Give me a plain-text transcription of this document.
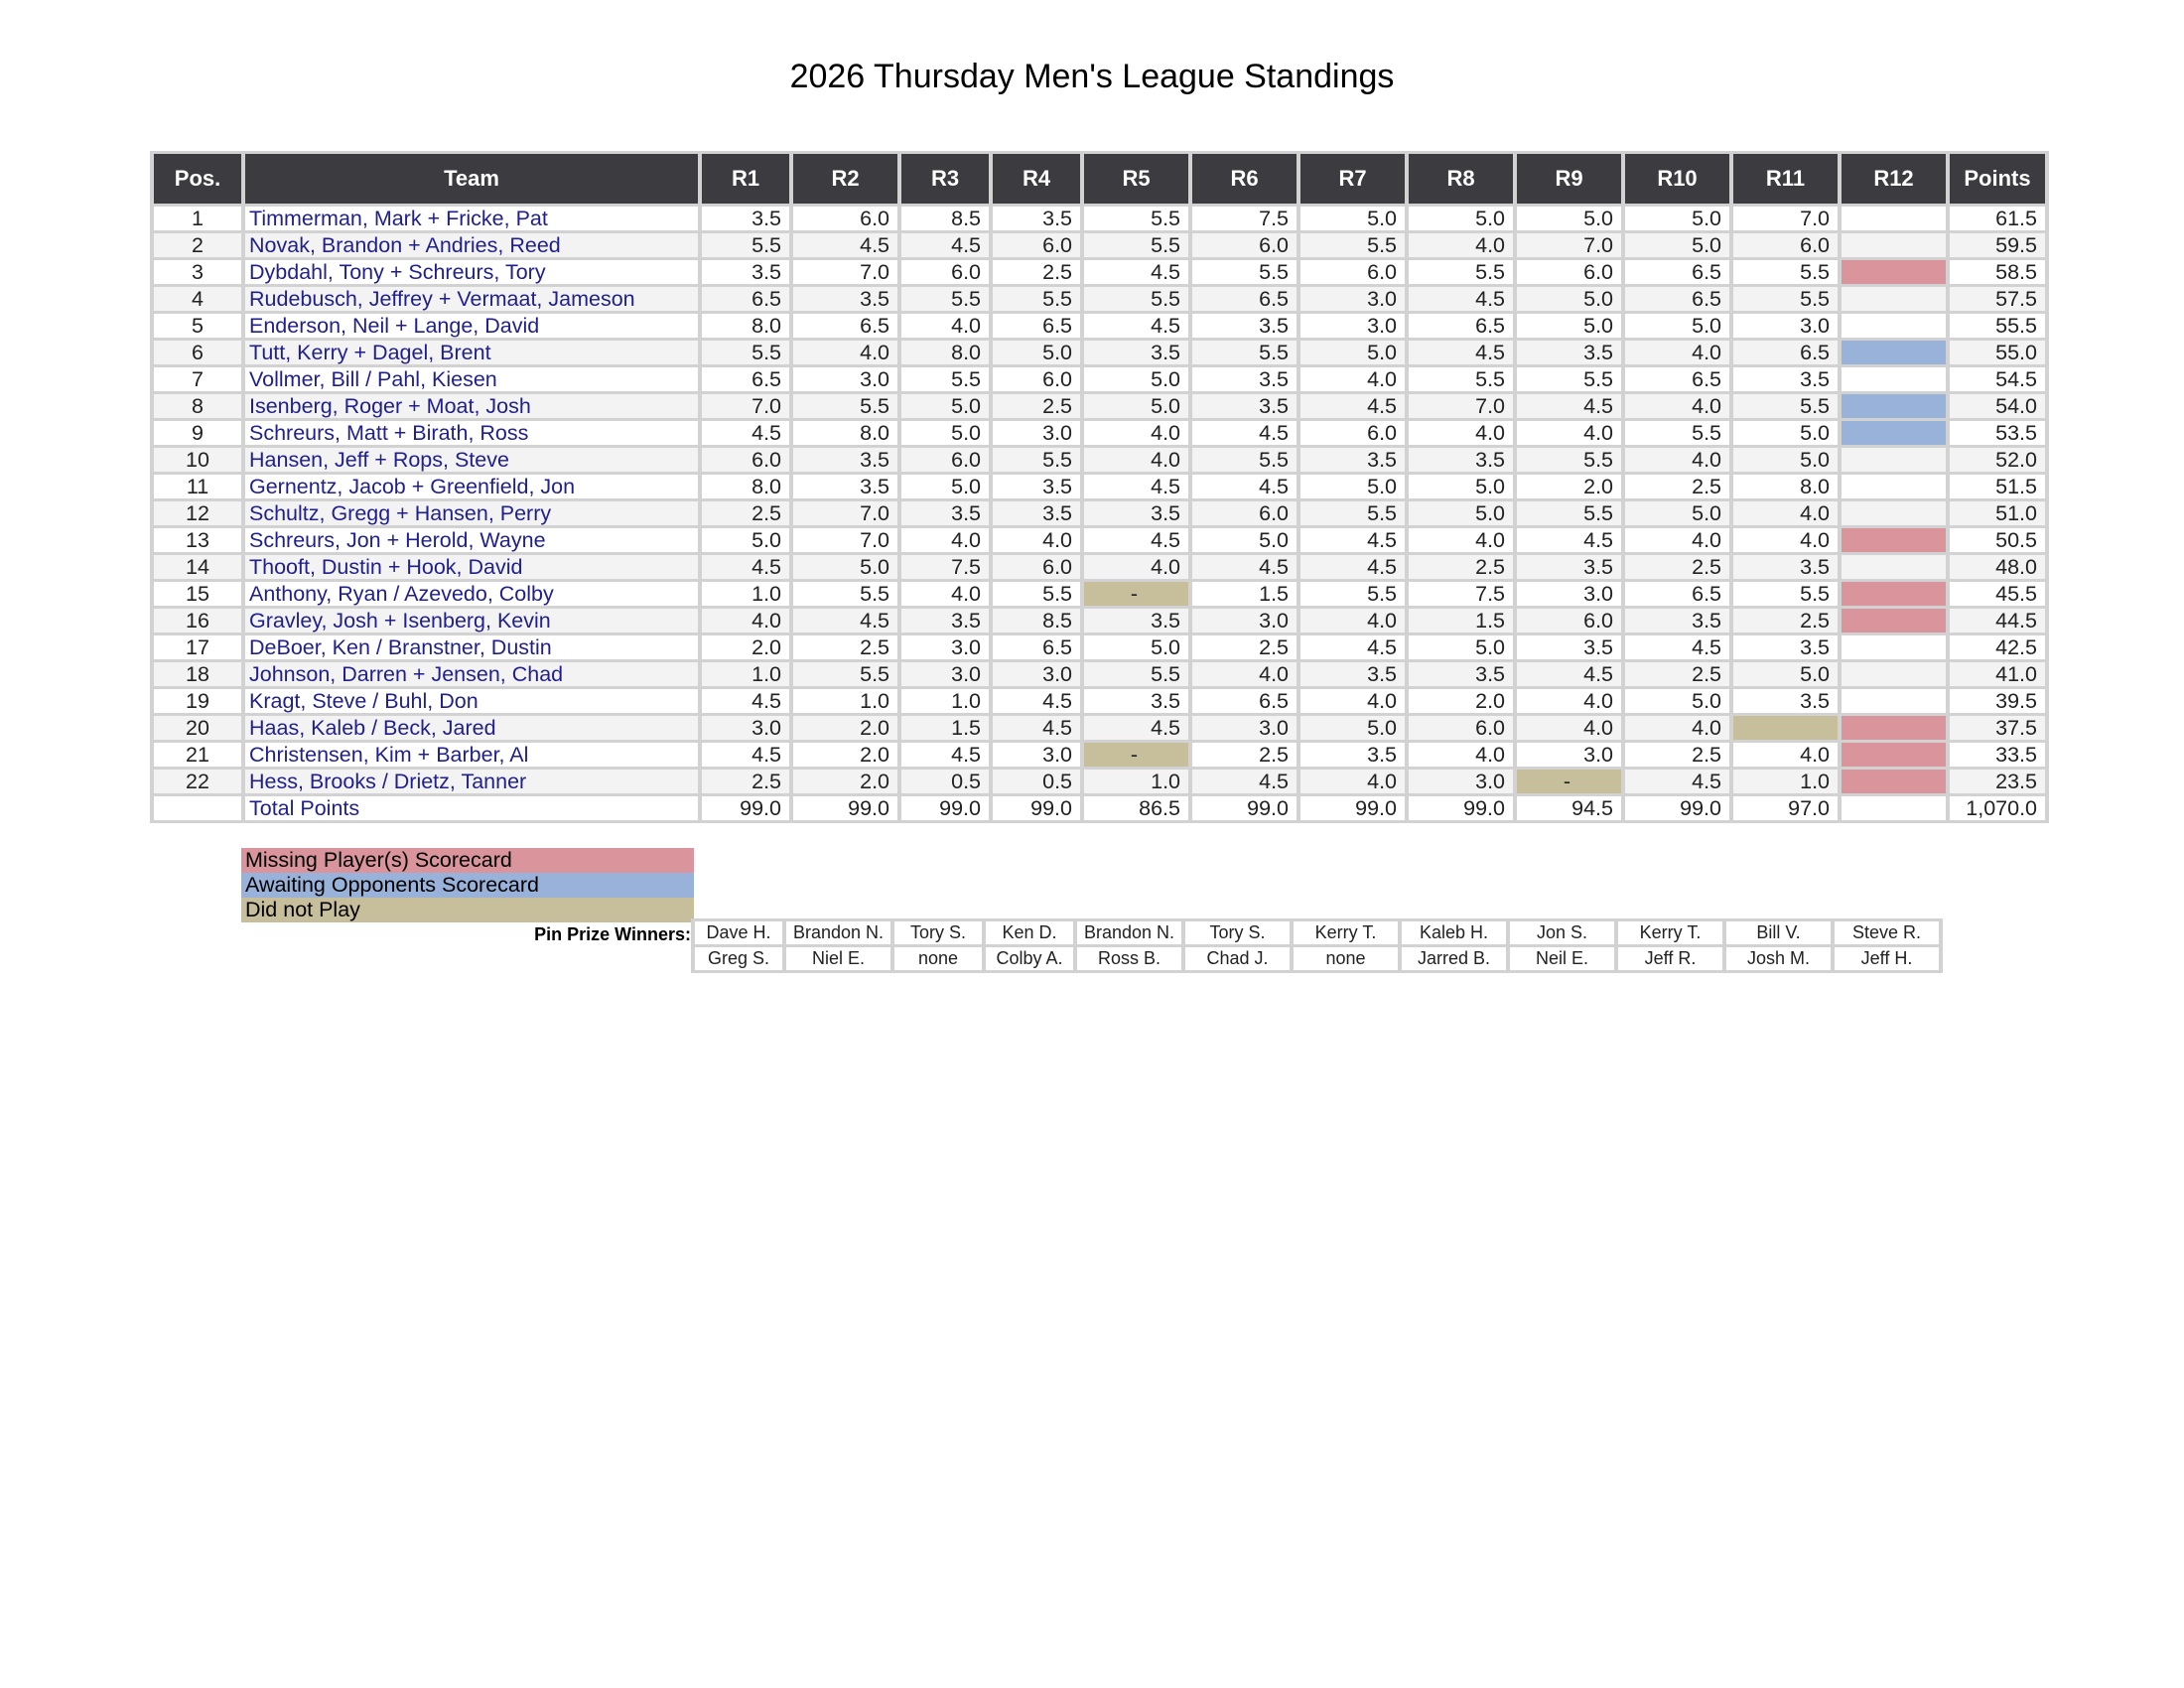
2026 Thursday Men's League Standings
Pos.	Team	R1	R2	R3	R4	R5	R6	R7	R8	R9	R10	R11	R12	Points
1	Timmerman, Mark + Fricke, Pat	3.5	6.0	8.5	3.5	5.5	7.5	5.0	5.0	5.0	5.0	7.0		61.5
2	Novak, Brandon + Andries, Reed	5.5	4.5	4.5	6.0	5.5	6.0	5.5	4.0	7.0	5.0	6.0		59.5
3	Dybdahl, Tony + Schreurs, Tory	3.5	7.0	6.0	2.5	4.5	5.5	6.0	5.5	6.0	6.5	5.5		58.5
4	Rudebusch, Jeffrey + Vermaat, Jameson	6.5	3.5	5.5	5.5	5.5	6.5	3.0	4.5	5.0	6.5	5.5		57.5
5	Enderson, Neil + Lange, David	8.0	6.5	4.0	6.5	4.5	3.5	3.0	6.5	5.0	5.0	3.0		55.5
6	Tutt, Kerry + Dagel, Brent	5.5	4.0	8.0	5.0	3.5	5.5	5.0	4.5	3.5	4.0	6.5		55.0
7	Vollmer, Bill / Pahl, Kiesen	6.5	3.0	5.5	6.0	5.0	3.5	4.0	5.5	5.5	6.5	3.5		54.5
8	Isenberg, Roger + Moat, Josh	7.0	5.5	5.0	2.5	5.0	3.5	4.5	7.0	4.5	4.0	5.5		54.0
9	Schreurs, Matt + Birath, Ross	4.5	8.0	5.0	3.0	4.0	4.5	6.0	4.0	4.0	5.5	5.0		53.5
10	Hansen, Jeff + Rops, Steve	6.0	3.5	6.0	5.5	4.0	5.5	3.5	3.5	5.5	4.0	5.0		52.0
11	Gernentz, Jacob + Greenfield, Jon	8.0	3.5	5.0	3.5	4.5	4.5	5.0	5.0	2.0	2.5	8.0		51.5
12	Schultz, Gregg + Hansen, Perry	2.5	7.0	3.5	3.5	3.5	6.0	5.5	5.0	5.5	5.0	4.0		51.0
13	Schreurs, Jon + Herold, Wayne	5.0	7.0	4.0	4.0	4.5	5.0	4.5	4.0	4.5	4.0	4.0		50.5
14	Thooft, Dustin + Hook, David	4.5	5.0	7.5	6.0	4.0	4.5	4.5	2.5	3.5	2.5	3.5		48.0
15	Anthony, Ryan / Azevedo, Colby	1.0	5.5	4.0	5.5	-	1.5	5.5	7.5	3.0	6.5	5.5		45.5
16	Gravley, Josh + Isenberg, Kevin	4.0	4.5	3.5	8.5	3.5	3.0	4.0	1.5	6.0	3.5	2.5		44.5
17	DeBoer, Ken / Branstner, Dustin	2.0	2.5	3.0	6.5	5.0	2.5	4.5	5.0	3.5	4.5	3.5		42.5
18	Johnson, Darren + Jensen, Chad	1.0	5.5	3.0	3.0	5.5	4.0	3.5	3.5	4.5	2.5	5.0		41.0
19	Kragt, Steve / Buhl, Don	4.5	1.0	1.0	4.5	3.5	6.5	4.0	2.0	4.0	5.0	3.5		39.5
20	Haas, Kaleb / Beck, Jared	3.0	2.0	1.5	4.5	4.5	3.0	5.0	6.0	4.0	4.0			37.5
21	Christensen, Kim + Barber, Al	4.5	2.0	4.5	3.0	-	2.5	3.5	4.0	3.0	2.5	4.0		33.5
22	Hess, Brooks / Drietz, Tanner	2.5	2.0	0.5	0.5	1.0	4.5	4.0	3.0	-	4.5	1.0		23.5
	Total Points	99.0	99.0	99.0	99.0	86.5	99.0	99.0	99.0	94.5	99.0	97.0		1,070.0
Missing Player(s) Scorecard
Awaiting Opponents Scorecard
Did not Play
Pin Prize Winners: Dave H.	Brandon N.	Tory S.	Ken D.	Brandon N.	Tory S.	Kerry T.	Kaleb H.	Jon S.	Kerry T.	Bill V.	Steve R.
Greg S.	Niel E.	none	Colby A.	Ross B.	Chad J.	none	Jarred B.	Neil E.	Jeff R.	Josh M.	Jeff H.
